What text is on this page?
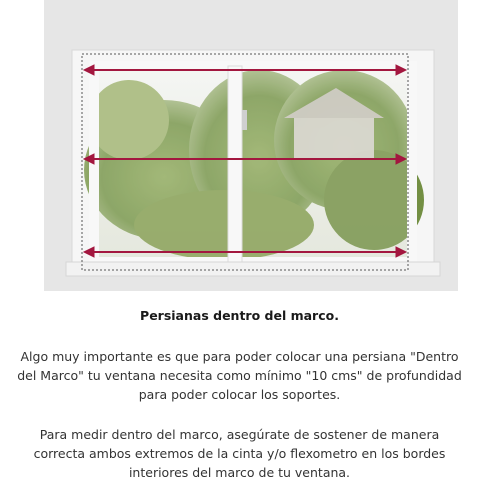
Persianas dentro del marco.
Algo muy importante es que para poder colocar una persiana "Dentro del Marco" tu ventana necesita como mínimo "10 cms" de profundidad para poder colocar los soportes.
Para medir dentro del marco, asegúrate de sostener de manera correcta ambos extremos de la cinta y/o flexometro en los bordes interiores del marco de tu ventana.
